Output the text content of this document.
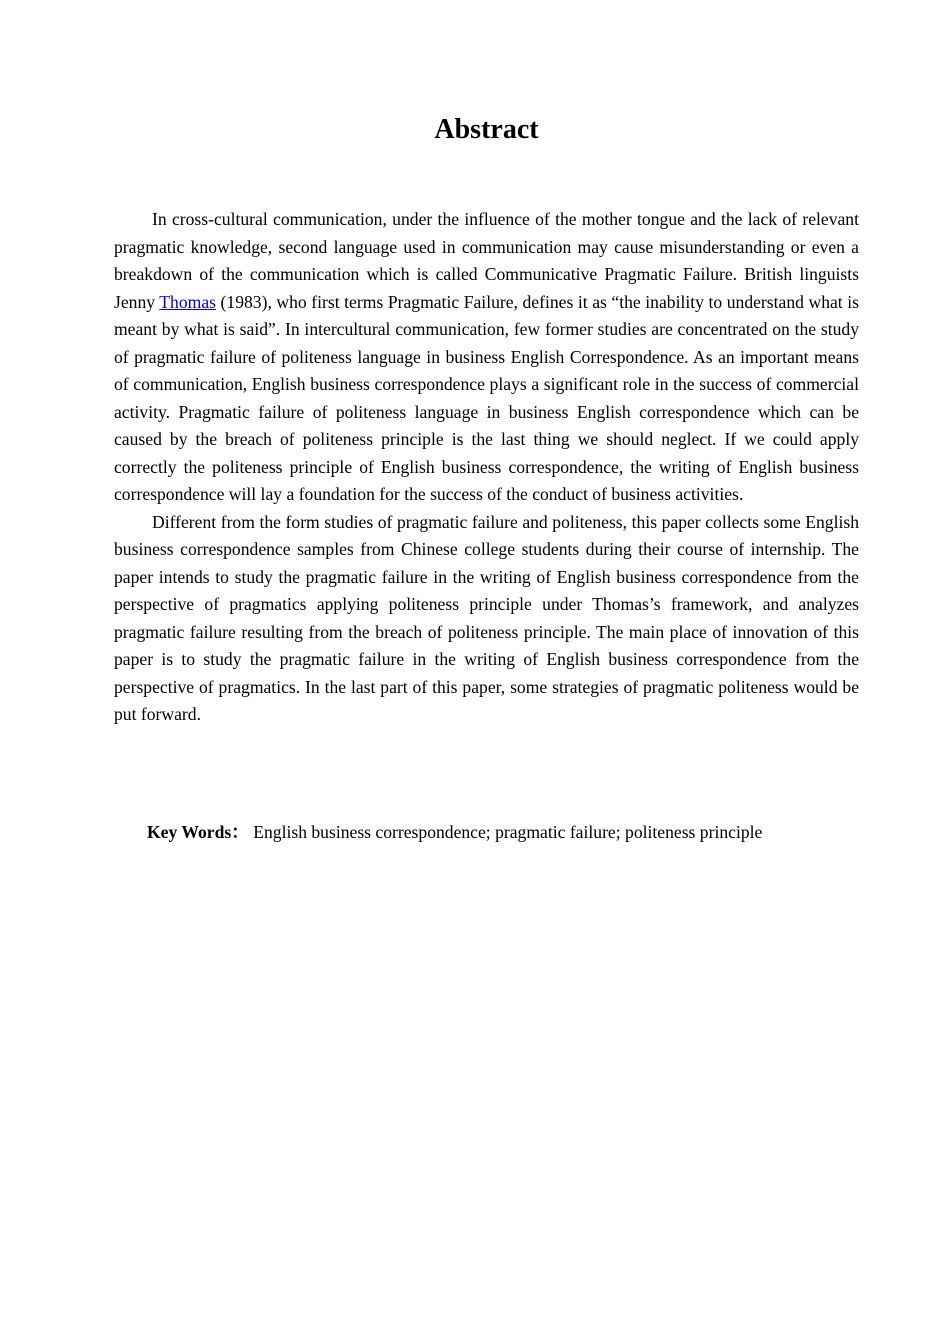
Abstract

In cross-cultural communication, under the influence of the mother tongue and the lack of relevant pragmatic knowledge, second language used in communication may cause misunderstanding or even a breakdown of the communication which is called Communicative Pragmatic Failure. British linguists Jenny Thomas (1983), who first terms Pragmatic Failure, defines it as “the inability to understand what is meant by what is said”. In intercultural communication, few former studies are concentrated on the study of pragmatic failure of politeness language in business English Correspondence. As an important means of communication, English business correspondence plays a significant role in the success of commercial activity. Pragmatic failure of politeness language in business English correspondence which can be caused by the breach of politeness principle is the last thing we should neglect. If we could apply correctly the politeness principle of English business correspondence, the writing of English business correspondence will lay a foundation for the success of the conduct of business activities.

Different from the form studies of pragmatic failure and politeness, this paper collects some English business correspondence samples from Chinese college students during their course of internship. The paper intends to study the pragmatic failure in the writing of English business correspondence from the perspective of pragmatics applying politeness principle under Thomas’s framework, and analyzes pragmatic failure resulting from the breach of politeness principle. The main place of innovation of this paper is to study the pragmatic failure in the writing of English business correspondence from the perspective of pragmatics. In the last part of this paper, some strategies of pragmatic politeness would be put forward.

Key Words： English business correspondence; pragmatic failure; politeness principle
